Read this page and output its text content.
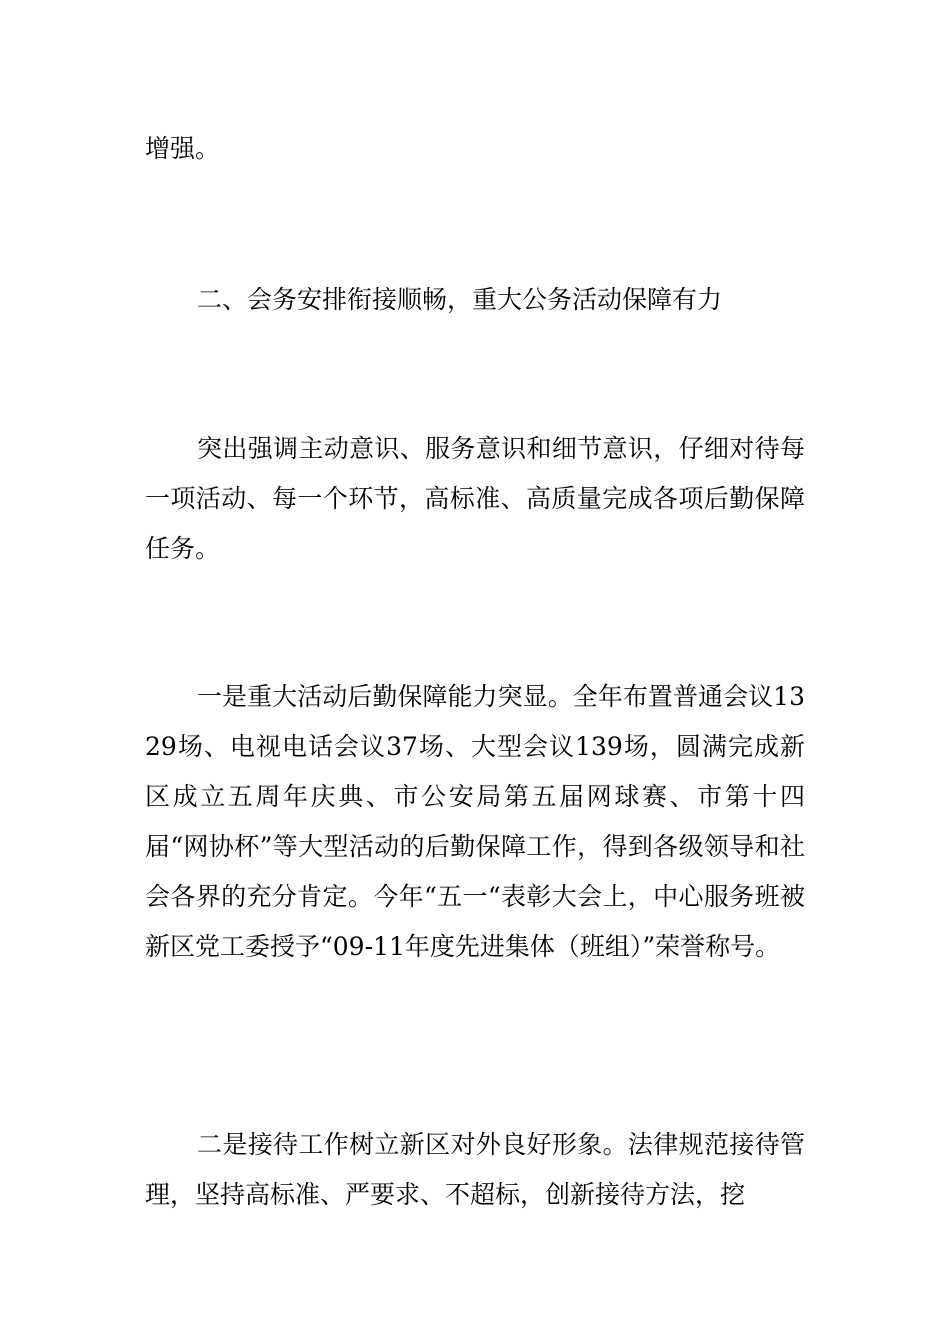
增强。

二、会务安排衔接顺畅，重大公务活动保障有力

突出强调主动意识、服务意识和细节意识，仔细对待每一项活动、每一个环节，高标准、高质量完成各项后勤保障任务。

一是重大活动后勤保障能力突显。全年布置普通会议1329场、电视电话会议37场、大型会议139场，圆满完成新区成立五周年庆典、市公安局第五届网球赛、市第十四届“网协杯”等大型活动的后勤保障工作，得到各级领导和社会各界的充分肯定。今年“五一“表彰大会上，中心服务班被新区党工委授予“09-11年度先进集体（班组）”荣誉称号。

二是接待工作树立新区对外良好形象。法律规范接待管理，坚持高标准、严要求、不超标，创新接待方法，挖
